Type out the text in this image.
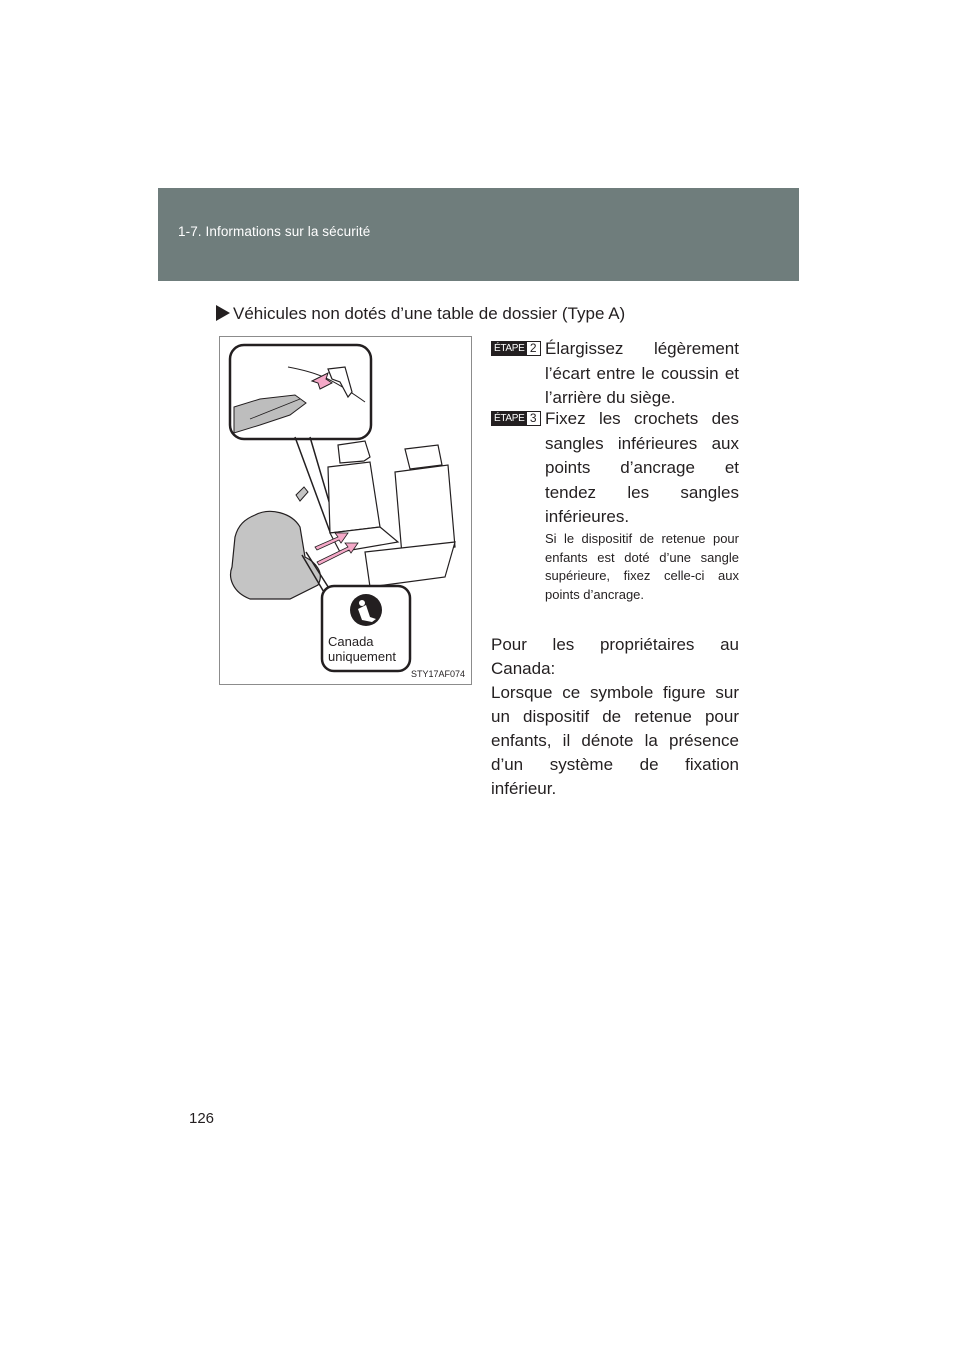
1-7. Informations sur la sécurité
Véhicules non dotés d’une table de dossier (Type A)
Canada
uniquement
STY17AF074
ÉTAPE 2 Élargissez légèrement l’écart entre le coussin et l’arrière du siège.
ÉTAPE 3 Fixez les crochets des sangles inférieures aux points d’ancrage et tendez les sangles inférieures.
Si le dispositif de retenue pour enfants est doté d’une sangle supérieure, fixez celle-ci aux points d’ancrage.

Pour les propriétaires au Canada:

Lorsque ce symbole figure sur un dispositif de retenue pour enfants, il dénote la présence d’un système de fixation inférieur.

126
